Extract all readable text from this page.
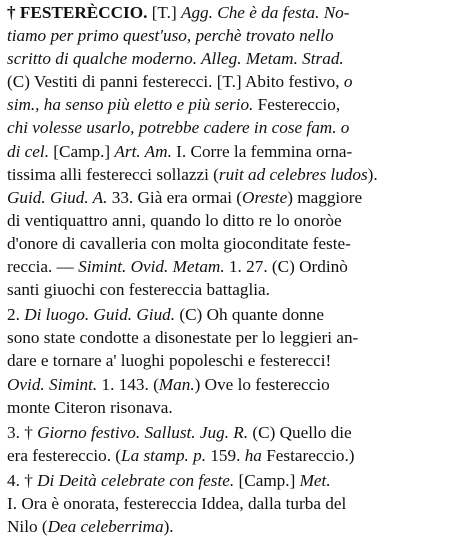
† FESTERÈCCIO. [T.] Agg. Che è da festa. No-
tiamo per primo quest'uso, perchè trovato nello
scritto di qualche moderno. Alleg. Metam. Strad.
(C) Vestiti di panni festerecci. [T.] Abito festivo, o
sim., ha senso più eletto e più serio. Festereccio,
chi volesse usarlo, potrebbe cadere in cose fam. o
di cel. [Camp.] Art. Am. I. Corre la femmina orna-
tissima alli festerecci sollazzi (ruit ad celebres ludos).
Guid. Giud. A. 33. Già era ormai (Oreste) maggiore
di ventiquattro anni, quando lo ditto re lo onoròe
d'onore di cavalleria con molta gioconditate feste-
reccia. — Simint. Ovid. Metam. 1. 27. (C) Ordinò
santi giuochi con festereccia battaglia.
2. Di luogo. Guid. Giud. (C) Oh quante donne
sono state condotte a disonestate per lo leggieri an-
dare e tornare a' luoghi popoleschi e festerecci!
Ovid. Simint. 1. 143. (Man.) Ove lo festereccio
monte Citeron risonava.
3. † Giorno festivo. Sallust. Jug. R. (C) Quello die
era festereccio. (La stamp. p. 159. ha Festareccio.)
4. † Di Deità celebrate con feste. [Camp.] Met.
I. Ora è onorata, festereccia Iddea, dalla turba del
Nilo (Dea celeberrima).
